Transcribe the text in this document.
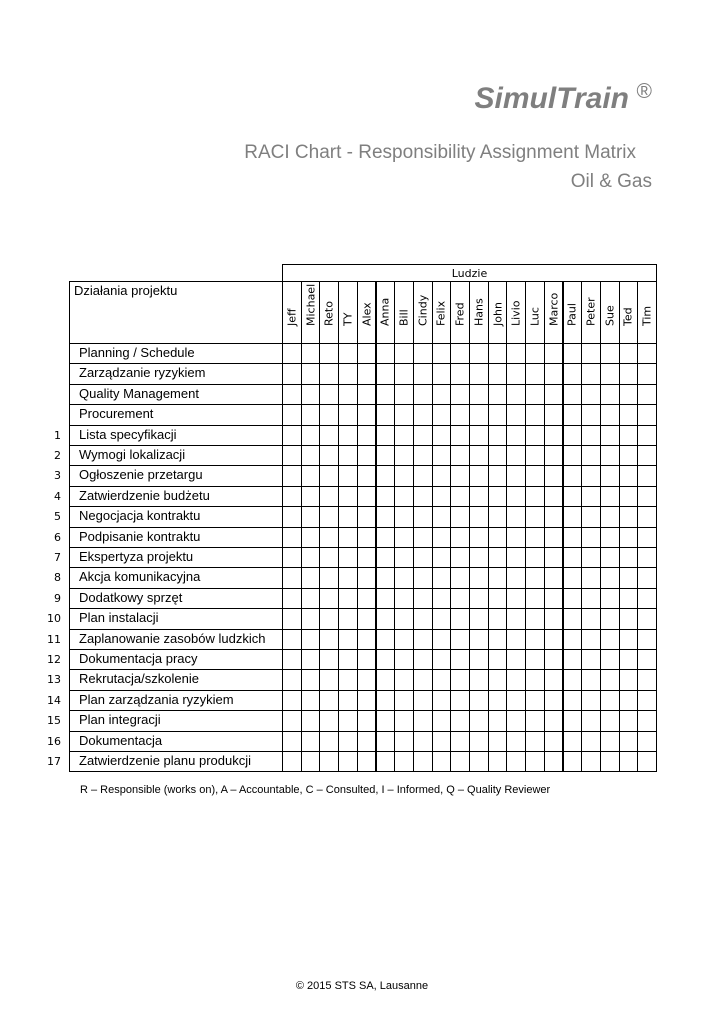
SimulTrain ®
RACI Chart - Responsibility Assignment Matrix
Oil & Gas
Ludzie
Działania projektu
Jeff Michael Reto TY Alex Anna Bill Cindy Felix Fred Hans John Livio Luc Marco Paul Peter Sue Ted Tim
Planning / Schedule
Zarządzanie ryzykiem
Quality Management
Procurement
1	Lista specyfikacji
2	Wymogi lokalizacji
3	Ogłoszenie przetargu
4	Zatwierdzenie budżetu
5	Negocjacja kontraktu
6	Podpisanie kontraktu
7	Ekspertyza projektu
8	Akcja komunikacyjna
9	Dodatkowy sprzęt
10	Plan instalacji
11	Zaplanowanie zasobów ludzkich
12	Dokumentacja pracy
13	Rekrutacja/szkolenie
14	Plan zarządzania ryzykiem
15	Plan integracji
16	Dokumentacja
17	Zatwierdzenie planu produkcji
R – Responsible (works on), A – Accountable, C – Consulted, I – Informed, Q – Quality Reviewer
© 2015 STS SA, Lausanne
